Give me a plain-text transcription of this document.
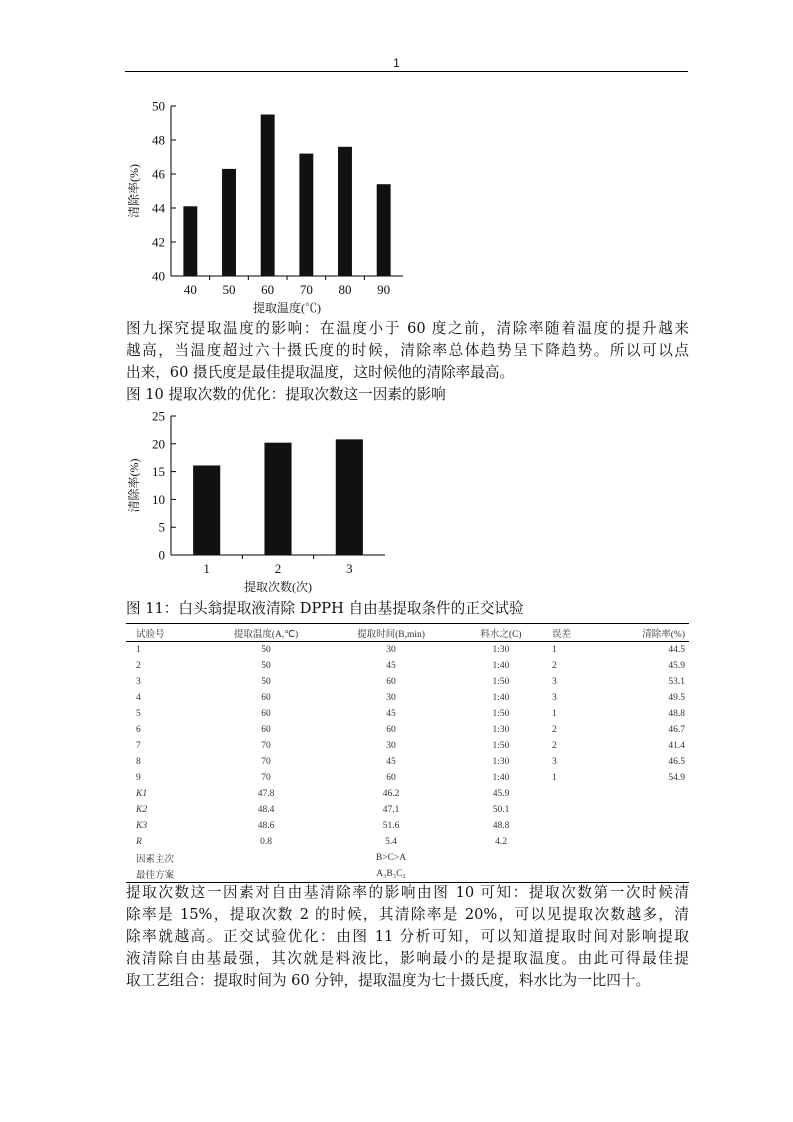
1
40
42
44
46
48
50
40 50 60 70 80 90
提取温度(℃)
清除率(%)

图九探究提取温度的影响：在温度小于 60 度之前，清除率随着温度的提升越来
越高，当温度超过六十摄氏度的时候，清除率总体趋势呈下降趋势。所以可以点
出来，60 摄氏度是最佳提取温度，这时候他的清除率最高。

图 10 提取次数的优化：提取次数这一因素的影响

0
5
10
15
20
25
1	2	3
提取次数(次)
清除率(%)

图 11：白头翁提取液清除 DPPH 自由基提取条件的正交试验

试验号	提取温度(A,℃)	提取时间(B,min)	料水之(C)	误差	清除率(%)
1	50	30	1:30	1	44.5
2	50	45	1:40	2	45.9
3	50	60	1:50	3	53.1
4	60	30	1:40	3	49.5
5	60	45	1:50	1	48.8
6	60	60	1:30	2	46.7
7	70	30	1:50	2	41.4
8	70	45	1:30	3	46.5
9	70	60	1:40	1	54.9
K1	47.8	46.2	45.9		
K2	48.4	47.1	50.1		
K3	48.6	51.6	48.8		
R	0.8	5.4	4.2		
因素主次		B>C>A			
最佳方案		A₃B₃C₂			

提取次数这一因素对自由基清除率的影响由图 10 可知：提取次数第一次时候清
除率是 15%，提取次数 2 的时候，其清除率是 20%，可以见提取次数越多，清
除率就越高。正交试验优化：由图 11 分析可知，可以知道提取时间对影响提取
液清除自由基最强，其次就是料液比，影响最小的是提取温度。由此可得最佳提
取工艺组合：提取时间为 60 分钟，提取温度为七十摄氏度，料水比为一比四十。
